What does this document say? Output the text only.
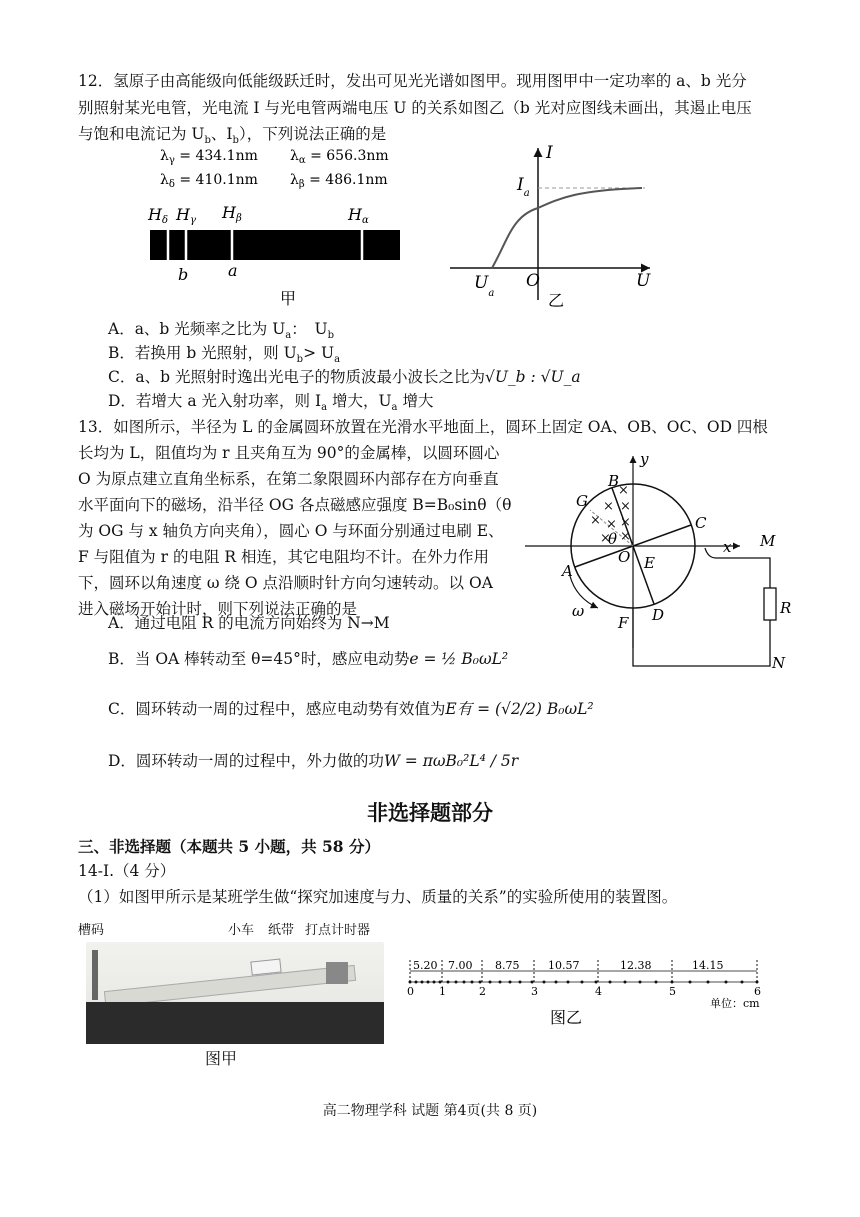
12．氢原子由高能级向低能级跃迁时，发出可见光光谱如图甲。现用图甲中一定功率的 a、b 光分
别照射某光电管，光电流 I 与光电管两端电压 U 的关系如图乙（b 光对应图线未画出，其遏止电压
与饱和电流记为 $U_b$、$I_b$），下列说法正确的是
$\lambda_\gamma = 434.1nm$ $\lambda_\alpha = 656.3nm$
$\lambda_\delta = 410.1nm$ $\lambda_\beta = 486.1nm$
Hδ Hγ Hβ	Hα
b a
甲
I
$I_a$
$U_a$
O	U
乙
A．a、b 光频率之比为 $U_a$：　$U_b$
B．若换用 b 光照射，则 $U_b> U_a$
C．a、b 光照射时逸出光电子的物质波最小波长之比为√U_b : √U_a
D．若增大 a 光入射功率，则 $I_a$ 增大，$U_a$ 增大
13．如图所示，半径为 L 的金属圆环放置在光滑水平地面上，圆环上固定 OA、OB、OC、OD 四根
长均为 L，阻值均为 r 且夹角互为 90°的金属棒，以圆环圆心
O 为原点建立直角坐标系，在第二象限圆环内部存在方向垂直
水平面向下的磁场，沿半径 OG 各点磁感应强度 B=B₀sinθ（θ
为 OG 与 x 轴负方向夹角），圆心 O 与环面分别通过电刷 E、
F 与阻值为 r 的电阻 R 相连，其它电阻均不计。在外力作用
下，圆环以角速度 ω 绕 O 点沿顺时针方向匀速转动。以 OA
进入磁场开始计时，则下列说法正确的是
×
×
×
×
×
× ×
×
y
B
G
C
θ
O
x
A	E
D
ω
F
M
R
N
A．通过电阻 R 的电流方向始终为 N→M
B．当 OA 棒转动至 θ=45°时，感应电动势e = ½ B₀ωL²
C．圆环转动一周的过程中，感应电动势有效值为E有 = (√2/2) B₀ωL²
D．圆环转动一周的过程中，外力做的功W = πωB₀²L⁴ / 5r
非选择题部分
三、非选择题（本题共 5 小题，共 58 分）
14-I.（4 分）
（1）如图甲所示是某班学生做“探究加速度与力、质量的关系”的实验所使用的装置图。
槽码	小车 纸带 打点计时器
图甲
5.20 7.00 8.75	10.57	12.38	14.15
0 1	2	3	4	5	6
单位：cm
图乙
高二物理学科 试题 第4页(共 8 页)
